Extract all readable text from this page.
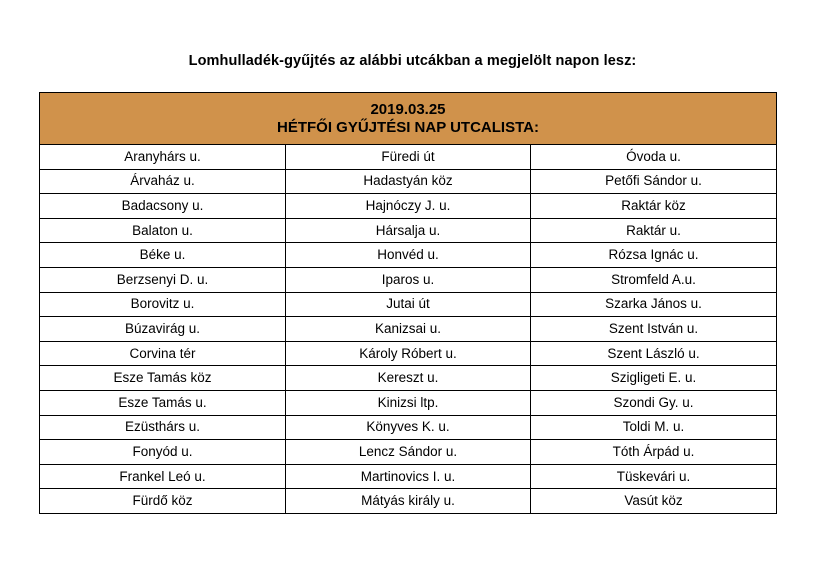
Lomhulladék-gyűjtés az alábbi utcákban a megjelölt napon lesz:
2019.03.25
HÉTFŐI GYŰJTÉSI NAP UTCALISTA:		

Aranyhárs u.	Füredi út	Óvoda u.
Árvaház u.	Hadastyán köz	Petőfi Sándor u.
Badacsony u.	Hajnóczy J. u.	Raktár köz
Balaton u.	Hársalja u.	Raktár u.
Béke u.	Honvéd u.	Rózsa Ignác u.
Berzsenyi D. u.	Iparos u.	Stromfeld A.u.
Borovitz u.	Jutai út	Szarka János u.
Búzavirág u.	Kanizsai u.	Szent István u.
Corvina tér	Károly Róbert u.	Szent László u.
Esze Tamás köz	Kereszt u.	Szigligeti E. u.
Esze Tamás u.	Kinizsi ltp.	Szondi Gy. u.
Ezüsthárs u.	Könyves K. u.	Toldi M. u.
Fonyód u.	Lencz Sándor u.	Tóth Árpád u.
Frankel Leó u.	Martinovics I. u.	Tüskevári u.
Fürdő köz	Mátyás király u.	Vasút köz
